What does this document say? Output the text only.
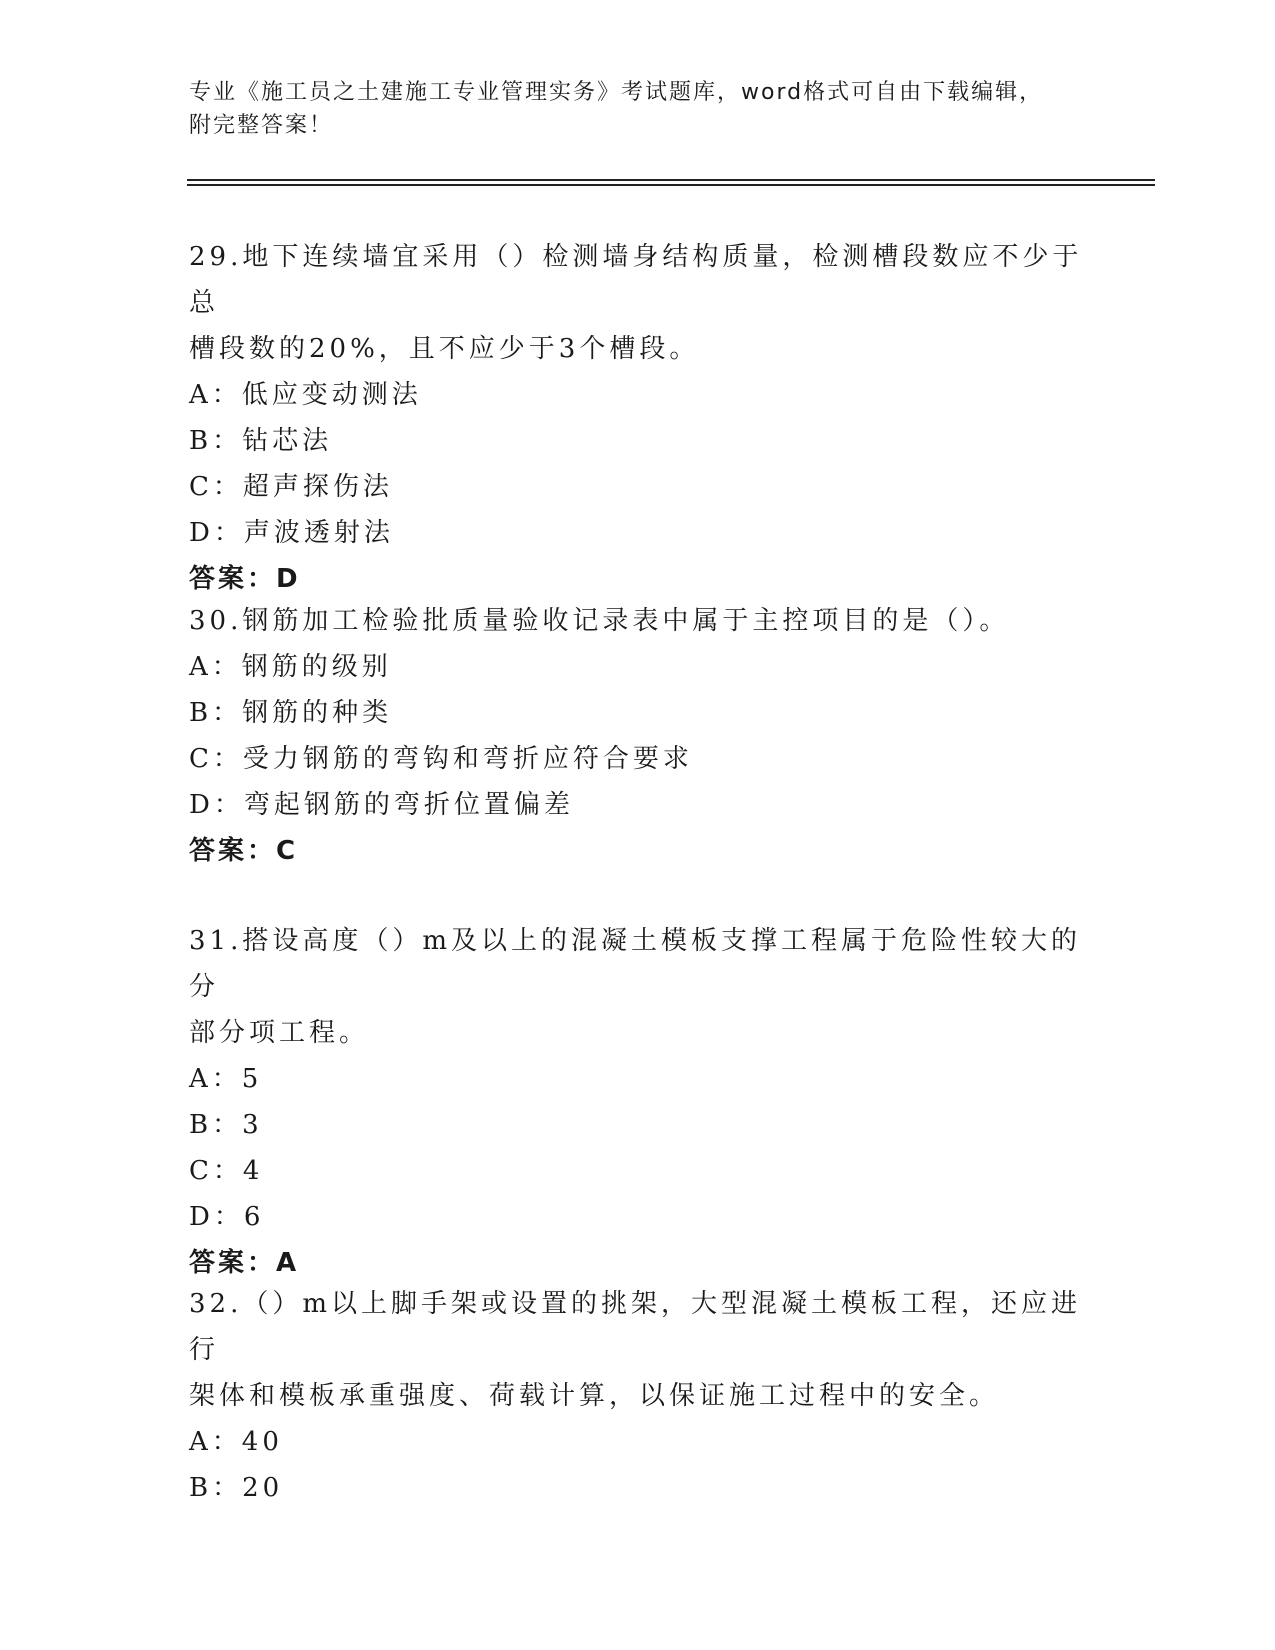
专业《施工员之土建施工专业管理实务》考试题库，word格式可自由下载编辑，
附完整答案！

29.地下连续墙宜采用（）检测墙身结构质量，检测槽段数应不少于总

槽段数的20%，且不应少于3个槽段。

A：低应变动测法

B：钻芯法

C：超声探伤法

D：声波透射法

答案：D

30.钢筋加工检验批质量验收记录表中属于主控项目的是（）。

A：钢筋的级别

B：钢筋的种类

C：受力钢筋的弯钩和弯折应符合要求

D：弯起钢筋的弯折位置偏差

答案：C

31.搭设高度（）m及以上的混凝土模板支撑工程属于危险性较大的分

部分项工程。

A：5

B：3

C：4

D：6

答案：A

32.（）m以上脚手架或设置的挑架，大型混凝土模板工程，还应进行

架体和模板承重强度、荷载计算，以保证施工过程中的安全。

A：40

B：20
